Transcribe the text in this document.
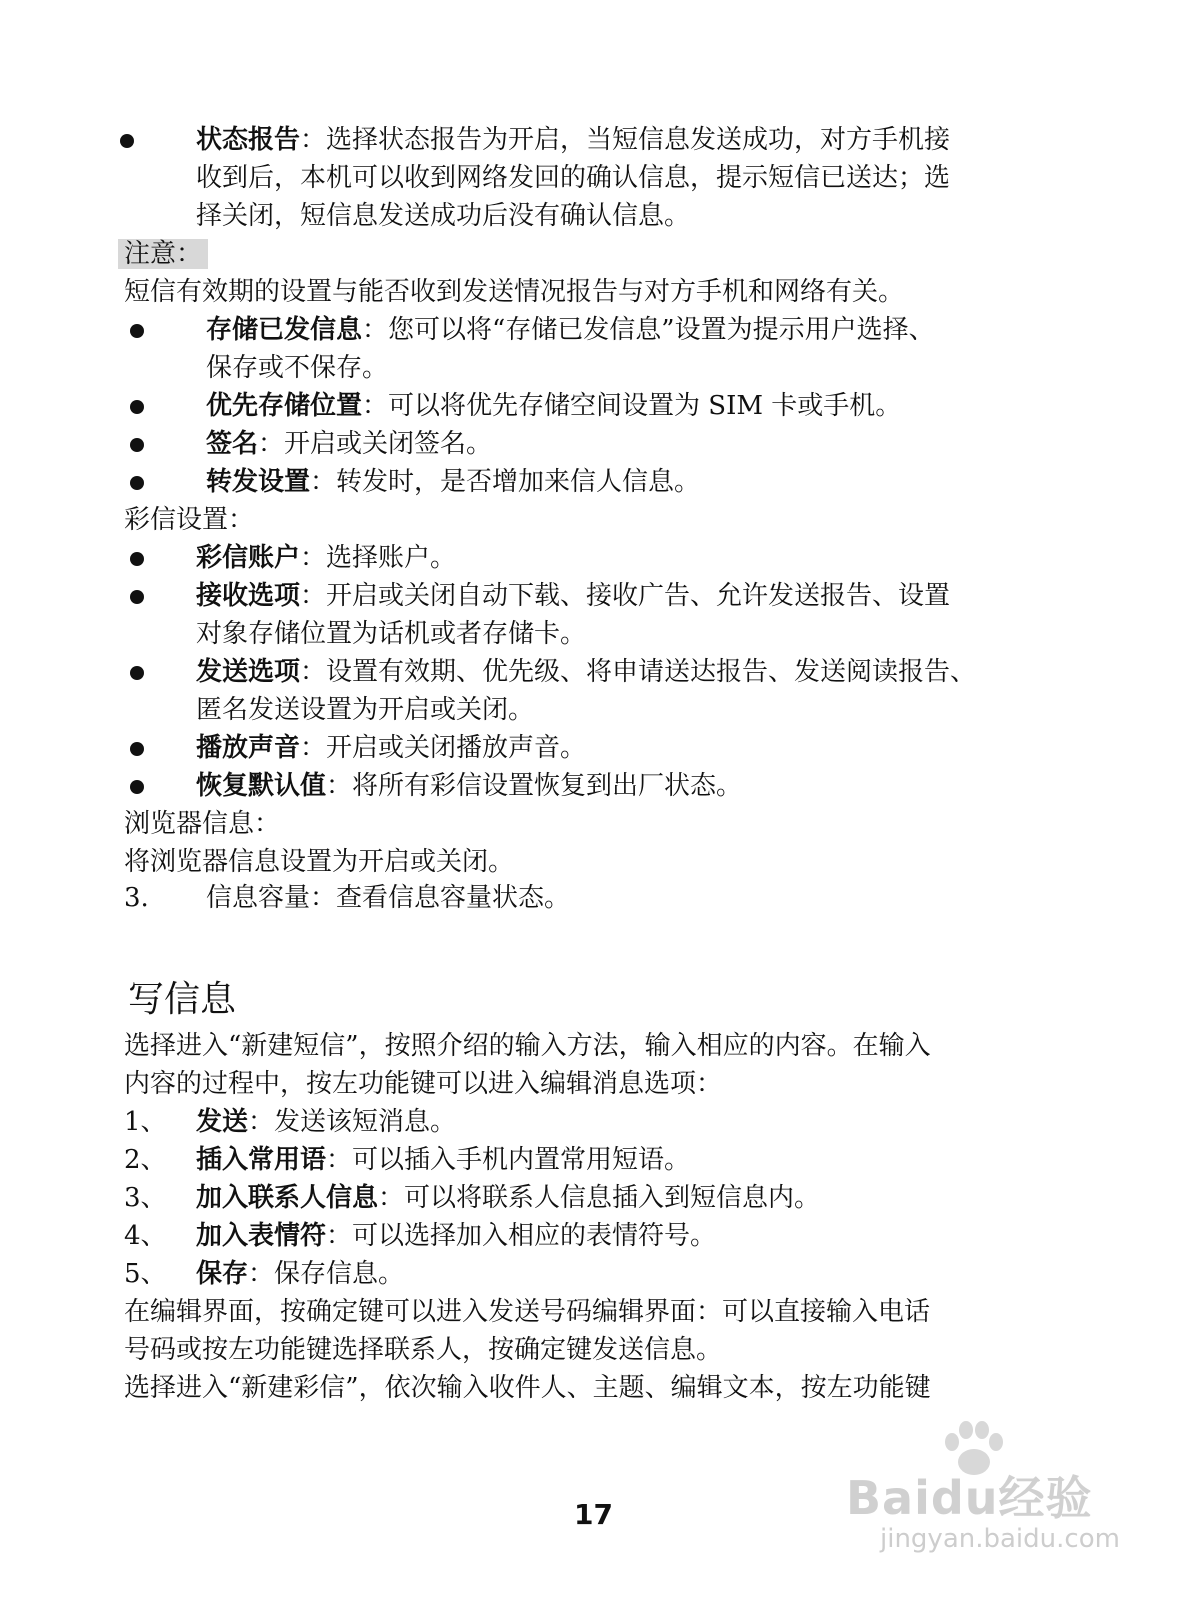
状态报告：选择状态报告为开启，当短信息发送成功，对方手机接
收到后，本机可以收到网络发回的确认信息，提示短信已送达；选
择关闭，短信息发送成功后没有确认信息。
注意：
短信有效期的设置与能否收到发送情况报告与对方手机和网络有关。
存储已发信息：您可以将“存储已发信息”设置为提示用户选择、
保存或不保存。
优先存储位置：可以将优先存储空间设置为 SIM 卡或手机。
签名：开启或关闭签名。
转发设置：转发时，是否增加来信人信息。
彩信设置：
彩信账户：选择账户。
接收选项：开启或关闭自动下载、接收广告、允许发送报告、设置
对象存储位置为话机或者存储卡。
发送选项：设置有效期、优先级、将申请送达报告、发送阅读报告、
匿名发送设置为开启或关闭。
播放声音：开启或关闭播放声音。
恢复默认值：将所有彩信设置恢复到出厂状态。
浏览器信息：
将浏览器信息设置为开启或关闭。
3. 信息容量：查看信息容量状态。
写信息
选择进入“新建短信”，按照介绍的输入方法，输入相应的内容。在输入
内容的过程中，按左功能键可以进入编辑消息选项：
1、 发送：发送该短消息。
2、 插入常用语：可以插入手机内置常用短语。
3、 加入联系人信息：可以将联系人信息插入到短信息内。
4、 加入表情符：可以选择加入相应的表情符号。
5、 保存：保存信息。
在编辑界面，按确定键可以进入发送号码编辑界面：可以直接输入电话
号码或按左功能键选择联系人，按确定键发送信息。
选择进入“新建彩信”，依次输入收件人、主题、编辑文本，按左功能键
17	Baidu经验
jingyan.baidu.com
